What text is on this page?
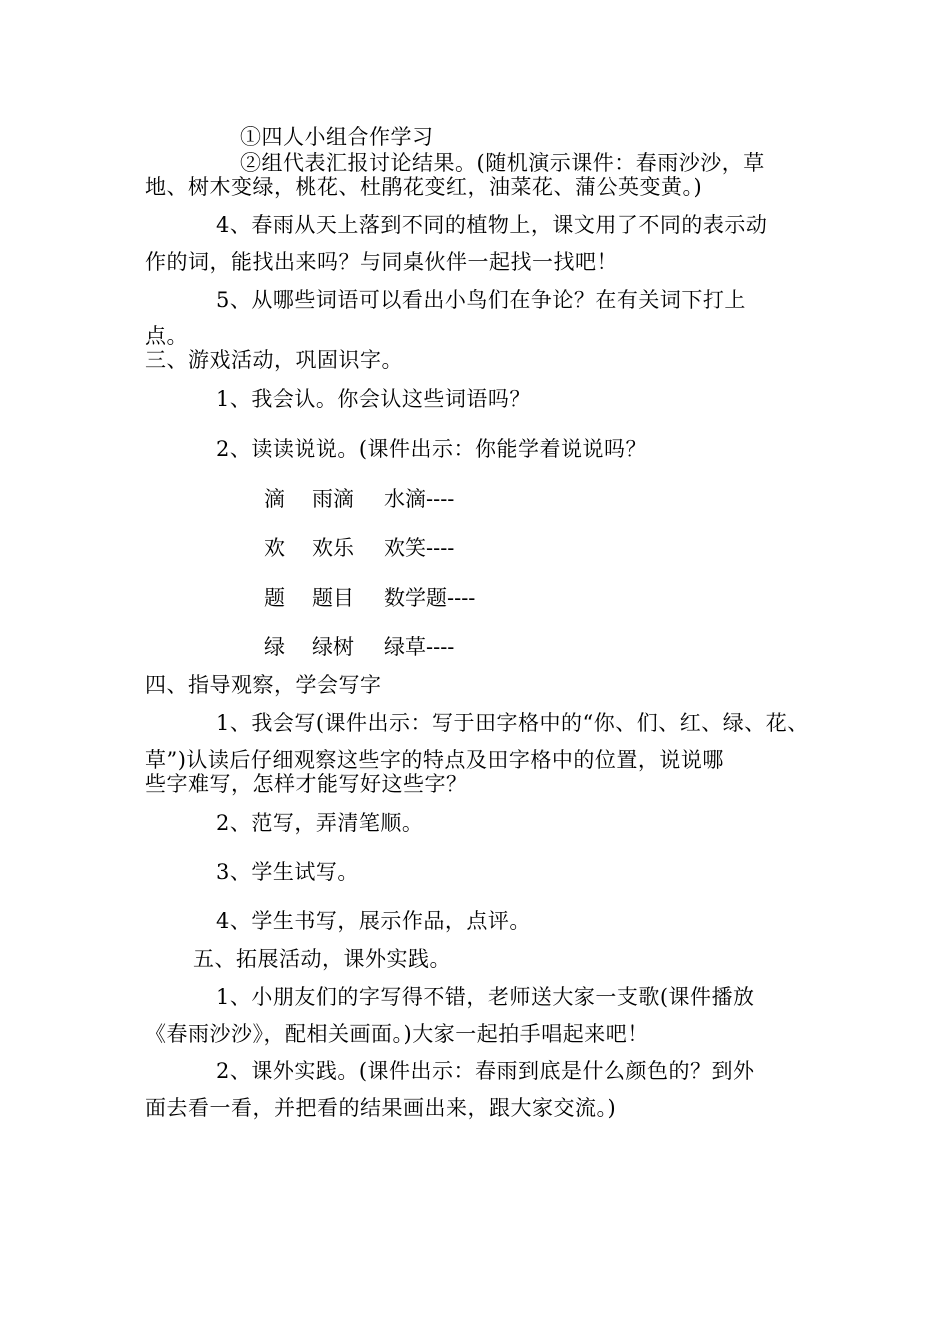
①四人小组合作学习
②组代表汇报讨论结果。(随机演示课件：春雨沙沙，草
地、树木变绿，桃花、杜鹃花变红，油菜花、蒲公英变黄。)
4、春雨从天上落到不同的植物上，课文用了不同的表示动
作的词，能找出来吗？与同桌伙伴一起找一找吧！
5、从哪些词语可以看出小鸟们在争论？在有关词下打上
点。
三、游戏活动，巩固识字。
1、我会认。你会认这些词语吗？
2、读读说说。(课件出示：你能学着说说吗？
滴 雨滴 水滴----
欢 欢乐 欢笑----
题 题目 数学题----
绿 绿树 绿草----
四、指导观察，学会写字
1、我会写(课件出示：写于田字格中的“你、们、红、绿、花、
草”)认读后仔细观察这些字的特点及田字格中的位置，说说哪
些字难写，怎样才能写好这些字？
2、范写，弄清笔顺。
3、学生试写。
4、学生书写，展示作品，点评。
五、拓展活动，课外实践。
1、小朋友们的字写得不错，老师送大家一支歌(课件播放
《春雨沙沙》，配相关画面。)大家一起拍手唱起来吧！
2、课外实践。(课件出示：春雨到底是什么颜色的？到外
面去看一看，并把看的结果画出来，跟大家交流。)
